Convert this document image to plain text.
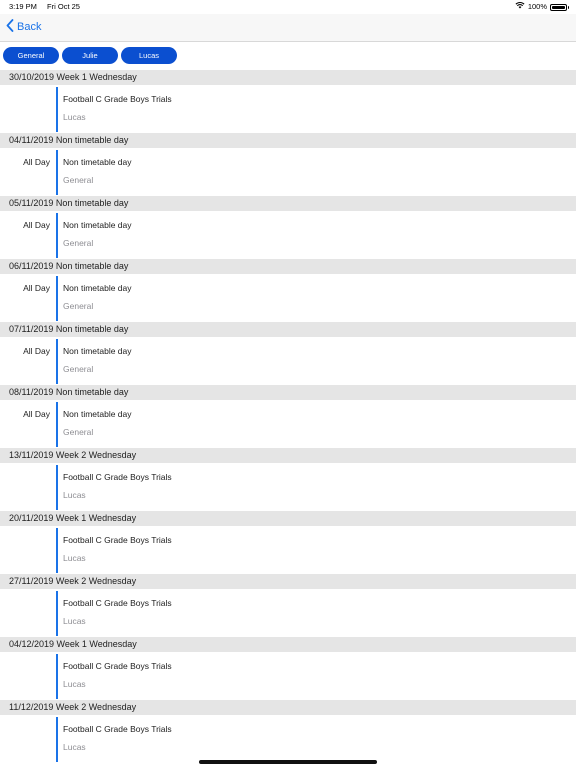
3:19 PM Fri Oct 25	100%
Back
General	Julie	Lucas
30/10/2019 Week 1 Wednesday
Football C Grade Boys Trials
Lucas
04/11/2019 Non timetable day
All Day Non timetable day
General
05/11/2019 Non timetable day
All Day Non timetable day
General
06/11/2019 Non timetable day
All Day Non timetable day
General
07/11/2019 Non timetable day
All Day Non timetable day
General
08/11/2019 Non timetable day
All Day Non timetable day
General
13/11/2019 Week 2 Wednesday
Football C Grade Boys Trials
Lucas
20/11/2019 Week 1 Wednesday
Football C Grade Boys Trials
Lucas
27/11/2019 Week 2 Wednesday
Football C Grade Boys Trials
Lucas
04/12/2019 Week 1 Wednesday
Football C Grade Boys Trials
Lucas
11/12/2019 Week 2 Wednesday
Football C Grade Boys Trials
Lucas
